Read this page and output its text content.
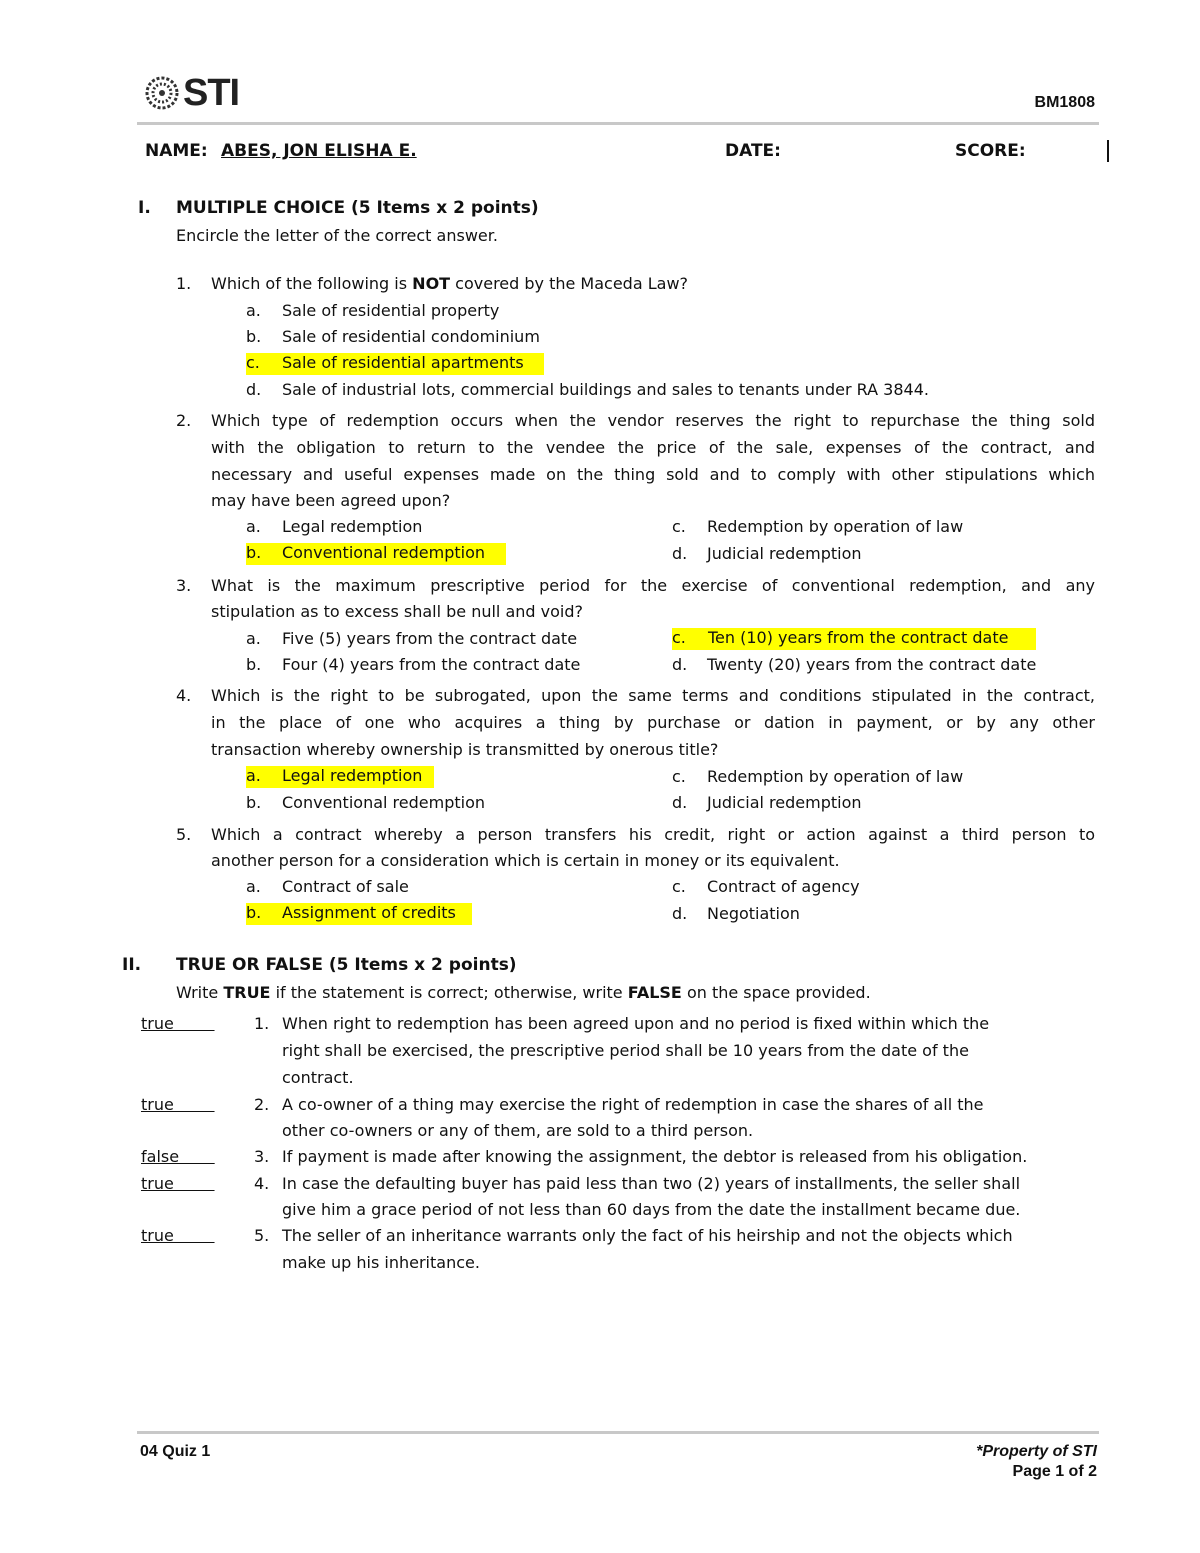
STI	BM1808
NAME: ABES, JON ELISHA E.	DATE:	SCORE:
I. MULTIPLE CHOICE (5 Items x 2 points)
Encircle the letter of the correct answer.
1. Which of the following is NOT covered by the Maceda Law?
a. Sale of residential property
b. Sale of residential condominium
c. Sale of residential apartments
d. Sale of industrial lots, commercial buildings and sales to tenants under RA 3844.
2. Which type of redemption occurs when the vendor reserves the right to repurchase the thing sold
with the obligation to return to the vendee the price of the sale, expenses of the contract, and
necessary and useful expenses made on the thing sold and to comply with other stipulations which
may have been agreed upon?
a. Legal redemption
b. Conventional redemption
c. Redemption by operation of law
d. Judicial redemption
3. What is the maximum prescriptive period for the exercise of conventional redemption, and any
stipulation as to excess shall be null and void?
a. Five (5) years from the contract date
b. Four (4) years from the contract date
c. Ten (10) years from the contract date
d. Twenty (20) years from the contract date
4. Which is the right to be subrogated, upon the same terms and conditions stipulated in the contract,
in the place of one who acquires a thing by purchase or dation in payment, or by any other
transaction whereby ownership is transmitted by onerous title?
a. Legal redemption
b. Conventional redemption
c. Redemption by operation of law
d. Judicial redemption
5. Which a contract whereby a person transfers his credit, right or action against a third person to
another person for a consideration which is certain in money or its equivalent.
a. Contract of sale
b. Assignment of credits
c. Contract of agency
d. Negotiation
II. TRUE OR FALSE (5 Items x 2 points)
Write TRUE if the statement is correct; otherwise, write FALSE on the space provided.
true 1. When right to redemption has been agreed upon and no period is fixed within which the
right shall be exercised, the prescriptive period shall be 10 years from the date of the
contract.
true 2. A co-owner of a thing may exercise the right of redemption in case the shares of all the
other co-owners or any of them, are sold to a third person.
false 3. If payment is made after knowing the assignment, the debtor is released from his obligation.
true 4. In case the defaulting buyer has paid less than two (2) years of installments, the seller shall
give him a grace period of not less than 60 days from the date the installment became due.
true 5. The seller of an inheritance warrants only the fact of his heirship and not the objects which
make up his inheritance.
04 Quiz 1	*Property of STI
Page 1 of 2
